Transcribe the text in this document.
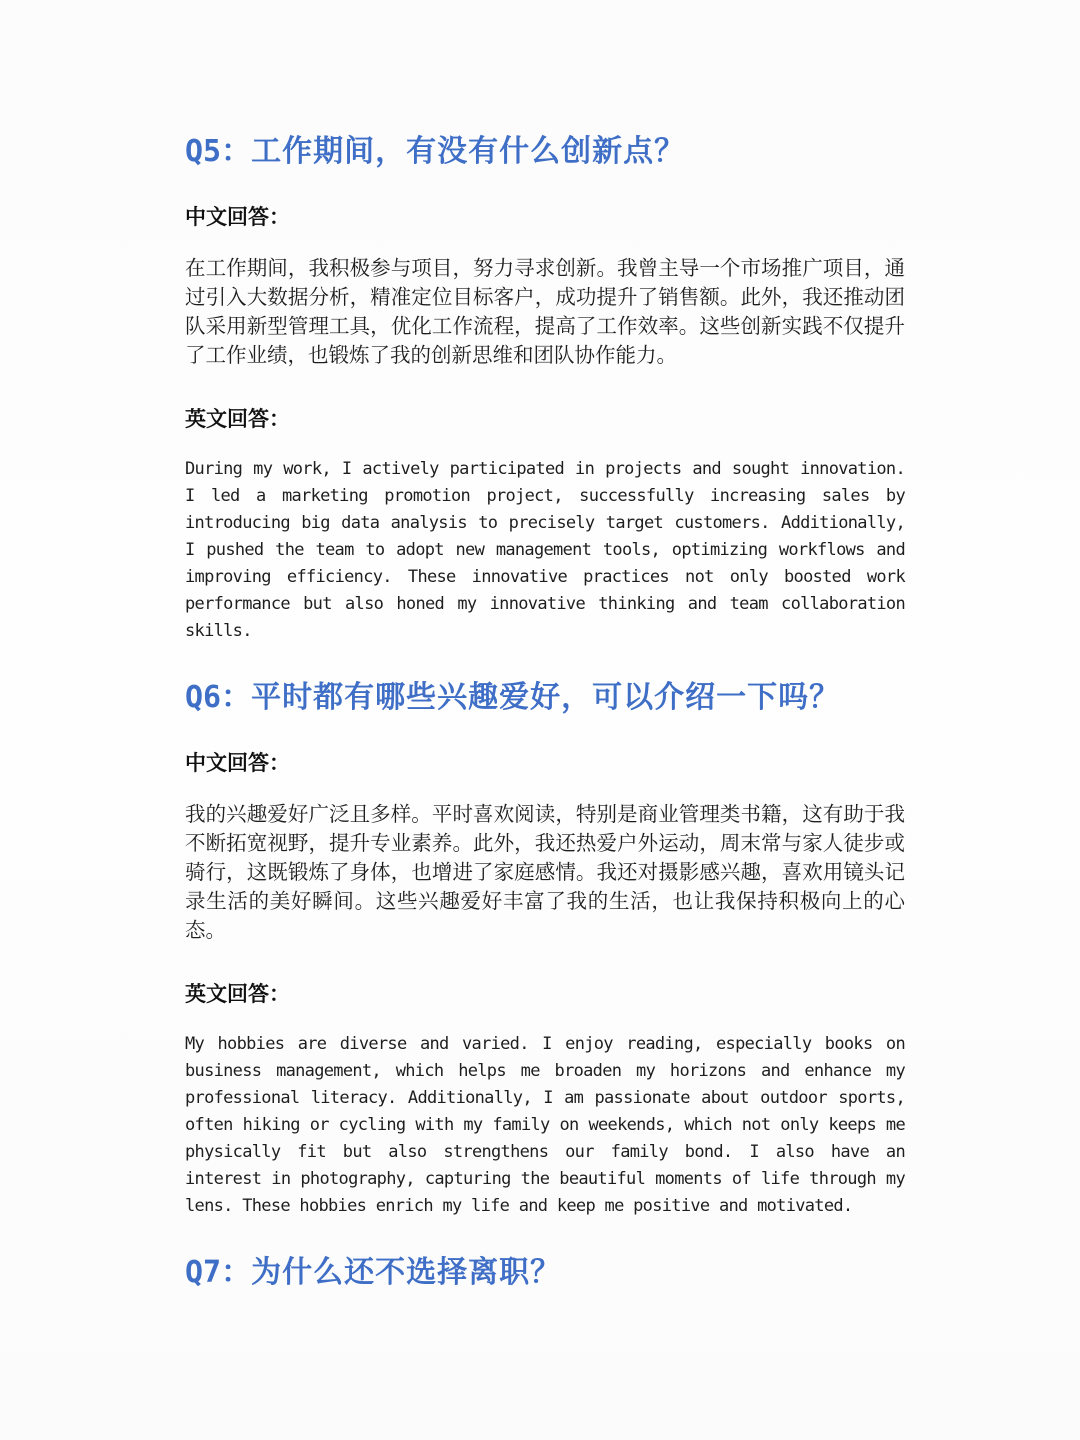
Q5：工作期间，有没有什么创新点？

中文回答：

在工作期间，我积极参与项目，努力寻求创新。我曾主导一个市场推广项目，通过引入大数据分析，精准定位目标客户，成功提升了销售额。此外，我还推动团队采用新型管理工具，优化工作流程，提高了工作效率。这些创新实践不仅提升了工作业绩，也锻炼了我的创新思维和团队协作能力。

英文回答：

During my work, I actively participated in projects and sought innovation. I led a marketing promotion project, successfully increasing sales by introducing big data analysis to precisely target customers. Additionally, I pushed the team to adopt new management tools, optimizing workflows and improving efficiency. These innovative practices not only boosted work performance but also honed my innovative thinking and team collaboration skills.

Q6：平时都有哪些兴趣爱好，可以介绍一下吗？

中文回答：

我的兴趣爱好广泛且多样。平时喜欢阅读，特别是商业管理类书籍，这有助于我不断拓宽视野，提升专业素养。此外，我还热爱户外运动，周末常与家人徒步或骑行，这既锻炼了身体，也增进了家庭感情。我还对摄影感兴趣，喜欢用镜头记录生活的美好瞬间。这些兴趣爱好丰富了我的生活，也让我保持积极向上的心态。

英文回答：

My hobbies are diverse and varied. I enjoy reading, especially books on business management, which helps me broaden my horizons and enhance my professional literacy. Additionally, I am passionate about outdoor sports, often hiking or cycling with my family on weekends, which not only keeps me physically fit but also strengthens our family bond. I also have an interest in photography, capturing the beautiful moments of life through my lens. These hobbies enrich my life and keep me positive and motivated.

Q7：为什么还不选择离职？
